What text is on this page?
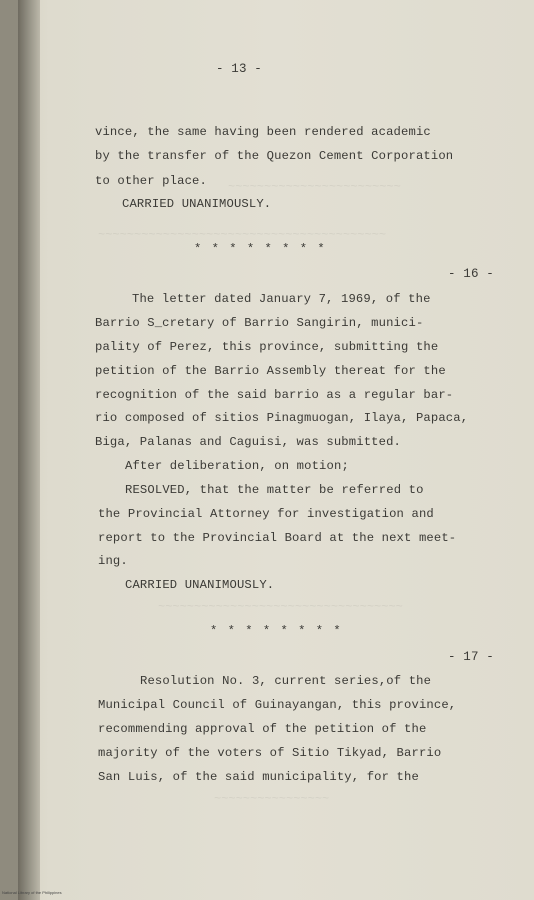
- 13 -
vince, the same having been rendered academic
by the transfer of the Quezon Cement Corporation
to other place.
CARRIED UNANIMOUSLY.
* * * * * * * *
- 16 -
The letter dated January 7, 1969, of the
Barrio S_cretary of Barrio Sangirin, munici-
pality of Perez, this province, submitting the
petition of the Barrio Assembly thereat for the
recognition of the said barrio as a regular bar-
rio composed of sitios Pinagmuogan, Ilaya, Papaca,
Biga, Palanas and Caguisi, was submitted.
After deliberation, on motion;
RESOLVED, that the matter be referred to
the Provincial Attorney for investigation and
report to the Provincial Board at the next meet-
ing.
CARRIED UNANIMOUSLY.
* * * * * * * *
- 17 -
Resolution No. 3, current series,of the
Municipal Council of Guinayangan, this province,
recommending approval of the petition of the
majority of the voters of Sitio Tikyad, Barrio
San Luis, of the said municipality, for the
~~~~~~~~~~~~~~~~~~~~~~~~
~~~~~~~~~~~~~~~~~~~~~~~~~~~~~~~~~~~~~~~~
~~~~~~~~~~~~~~~~~~~~~~~~~~~~~~~~~~
~~~~~~~~~~~~~~~~
National Library of the Philippines
